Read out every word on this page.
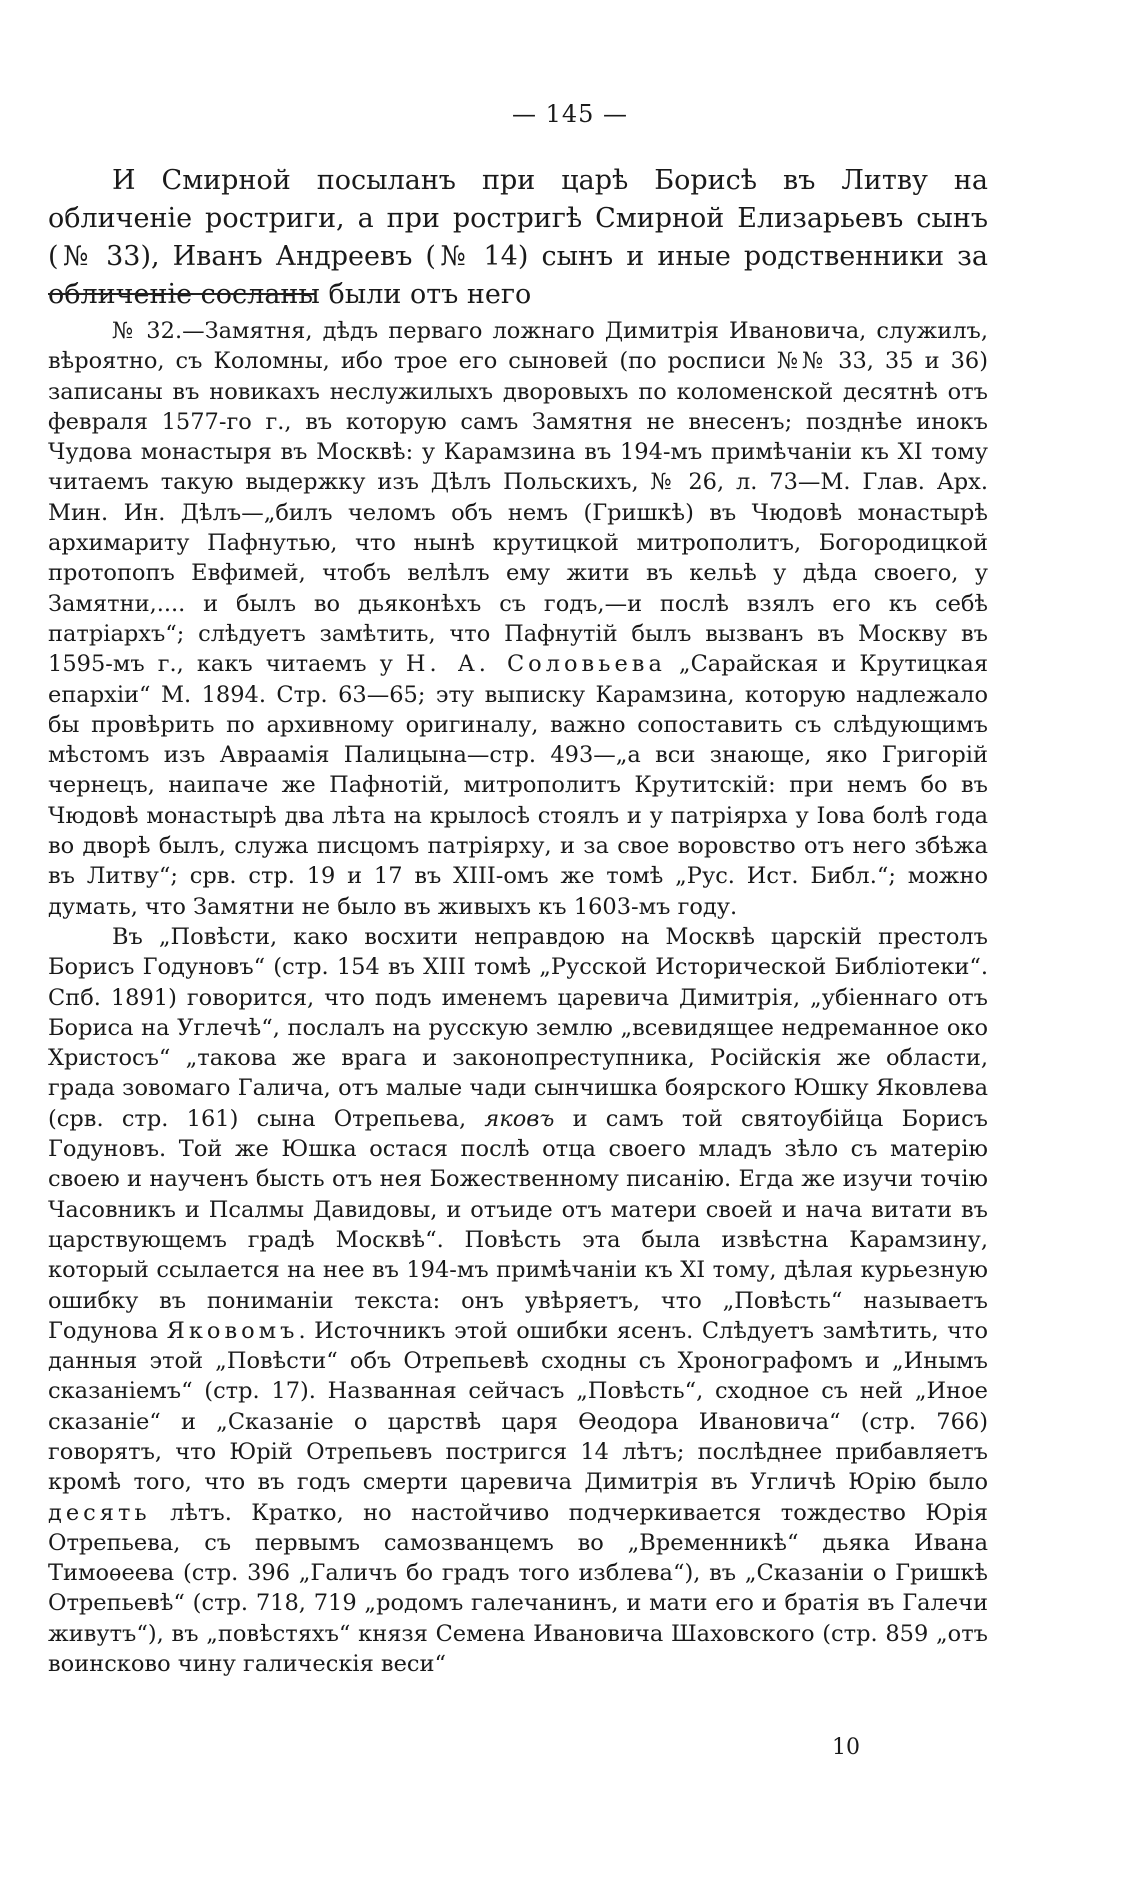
— 145 —

И Смирной посыланъ при царѣ Борисѣ въ Литву на обличеніе ростриги, а при ростригѣ Смирной Елизарьевъ сынъ (№ 33), Иванъ Андреевъ (№ 14) сынъ и иные родственники за обличеніе сосланы были отъ него

№ 32.—Замятня, дѣдъ перваго ложнаго Димитрія Ивановича, служилъ, вѣроятно, съ Коломны, ибо трое его сыновей (по росписи №№ 33, 35 и 36) записаны въ новикахъ неслужилыхъ дворовыхъ по коломенской десятнѣ отъ февраля 1577-го г., въ которую самъ Замятня не внесенъ; позднѣе инокъ Чудова монастыря въ Москвѣ: у Карамзина въ 194-мъ примѣчаніи къ XI тому читаемъ такую выдержку изъ Дѣлъ Польскихъ, № 26, л. 73—М. Глав. Арх. Мин. Ин. Дѣлъ—„билъ челомъ объ немъ (Гришкѣ) въ Чюдовѣ монастырѣ архимариту Пафнутью, что нынѣ крутицкой митрополитъ, Богородицкой протопопъ Евфимей, чтобъ велѣлъ ему жити въ кельѣ у дѣда своего, у Замятни,.... и былъ во дьяконѣхъ съ годъ,—и послѣ взялъ его къ себѣ патріархъ“; слѣдуетъ замѣтить, что Пафнутій былъ вызванъ въ Москву въ 1595-мъ г., какъ читаемъ у Н. А. Соловьева „Сарайская и Крутицкая епархіи“ М. 1894. Стр. 63—65; эту выписку Карамзина, которую надлежало бы провѣрить по архивному оригиналу, важно сопоставить съ слѣдующимъ мѣстомъ изъ Авраамія Палицына—стр. 493—„а вси знающе, яко Григорій чернецъ, наипаче же Пафнотій, митрополитъ Крутитскій: при немъ бо въ Чюдовѣ монастырѣ два лѣта на крылосѣ стоялъ и у патріярха у Іова болѣ года во дворѣ былъ, служа писцомъ патріярху, и за свое воровство отъ него збѣжа въ Литву“; срв. стр. 19 и 17 въ XIII-омъ же томѣ „Рус. Ист. Библ.“; можно думать, что Замятни не было въ живыхъ къ 1603-мъ году.

Въ „Повѣсти, како восхити неправдою на Москвѣ царскій престолъ Борисъ Годуновъ“ (стр. 154 въ XIII томѣ „Русской Исторической Библіотеки“. Спб. 1891) говорится, что подъ именемъ царевича Димитрія, „убіеннаго отъ Бориса на Углечѣ“, послалъ на русскую землю „всевидящее недреманное око Христосъ“ „такова же врага и законопреступника, Російскія же области, града зовомаго Галича, отъ малые чади сынчишка боярского Юшку Яковлева (срв. стр. 161) сына Отрепьева, яковъ и самъ той святоубійца Борисъ Годуновъ. Той же Юшка остася послѣ отца своего младъ зѣло съ матерію своею и наученъ бысть отъ нея Божественному писанію. Егда же изучи точію Часовникъ и Псалмы Давидовы, и отъиде отъ матери своей и нача витати въ царствующемъ градѣ Москвѣ“. Повѣсть эта была извѣстна Карамзину, который ссылается на нее въ 194-мъ примѣчаніи къ XI тому, дѣлая курьезную ошибку въ пониманіи текста: онъ увѣряетъ, что „Повѣсть“ называетъ Годунова Яковомъ. Источникъ этой ошибки ясенъ. Слѣдуетъ замѣтить, что данныя этой „Повѣсти“ объ Отрепьевѣ сходны съ Хронографомъ и „Инымъ сказаніемъ“ (стр. 17). Названная сейчасъ „Повѣсть“, сходное съ ней „Иное сказаніе“ и „Сказаніе о царствѣ царя Ѳеодора Ивановича“ (стр. 766) говорятъ, что Юрій Отрепьевъ постригся 14 лѣтъ; послѣднее прибавляетъ кромѣ того, что въ годъ смерти царевича Димитрія въ Угличѣ Юрію было десять лѣтъ. Кратко, но настойчиво подчеркивается тождество Юрія Отрепьева, съ первымъ самозванцемъ во „Временникѣ“ дьяка Ивана Тимоѳеева (стр. 396 „Галичъ бо градъ того изблева“), въ „Сказаніи о Гришкѣ Отрепьевѣ“ (стр. 718, 719 „родомъ галечанинъ, и мати его и братія въ Галечи живутъ“), въ „повѣстяхъ“ князя Семена Ивановича Шаховского (стр. 859 „отъ воинсково чину галическія веси“

10
